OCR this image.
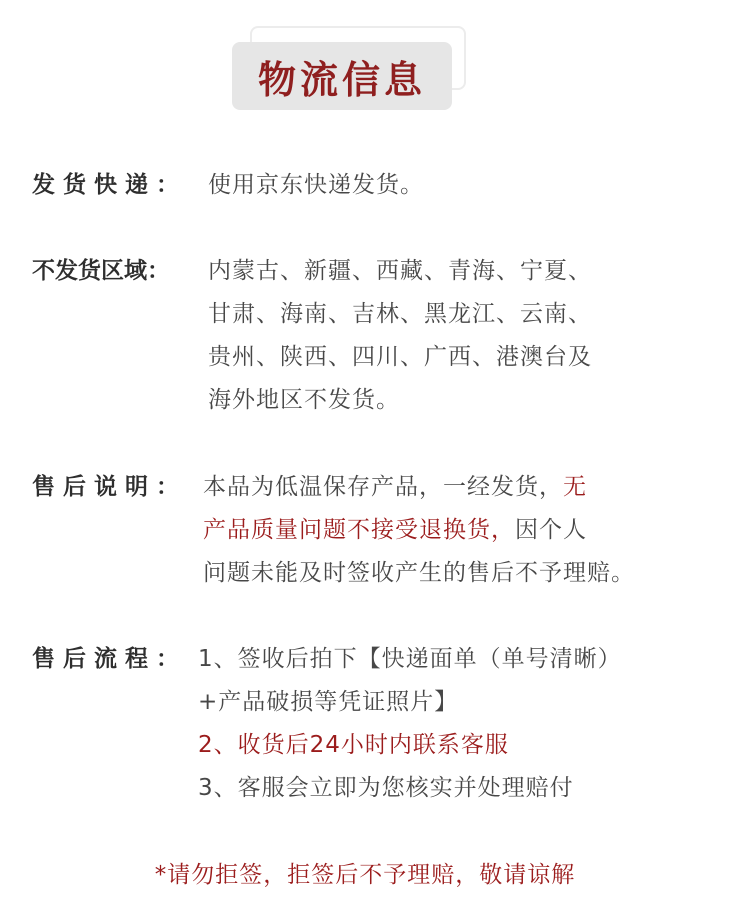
物流信息
发 货 快 递 ： 使用京东快递发货。
不发货区域： 内蒙古、新疆、西藏、青海、宁夏、
甘肃、海南、吉林、黑龙江、云南、
贵州、陕西、四川、广西、港澳台及
海外地区不发货。
售 后 说 明 ： 本品为低温保存产品，一经发货，无
产品质量问题不接受退换货，因个人
问题未能及时签收产生的售后不予理赔。
售 后 流 程 ： 1、签收后拍下【快递面单（单号清晰）
+产品破损等凭证照片】
2、收货后24小时内联系客服
3、客服会立即为您核实并处理赔付
*请勿拒签，拒签后不予理赔，敬请谅解
